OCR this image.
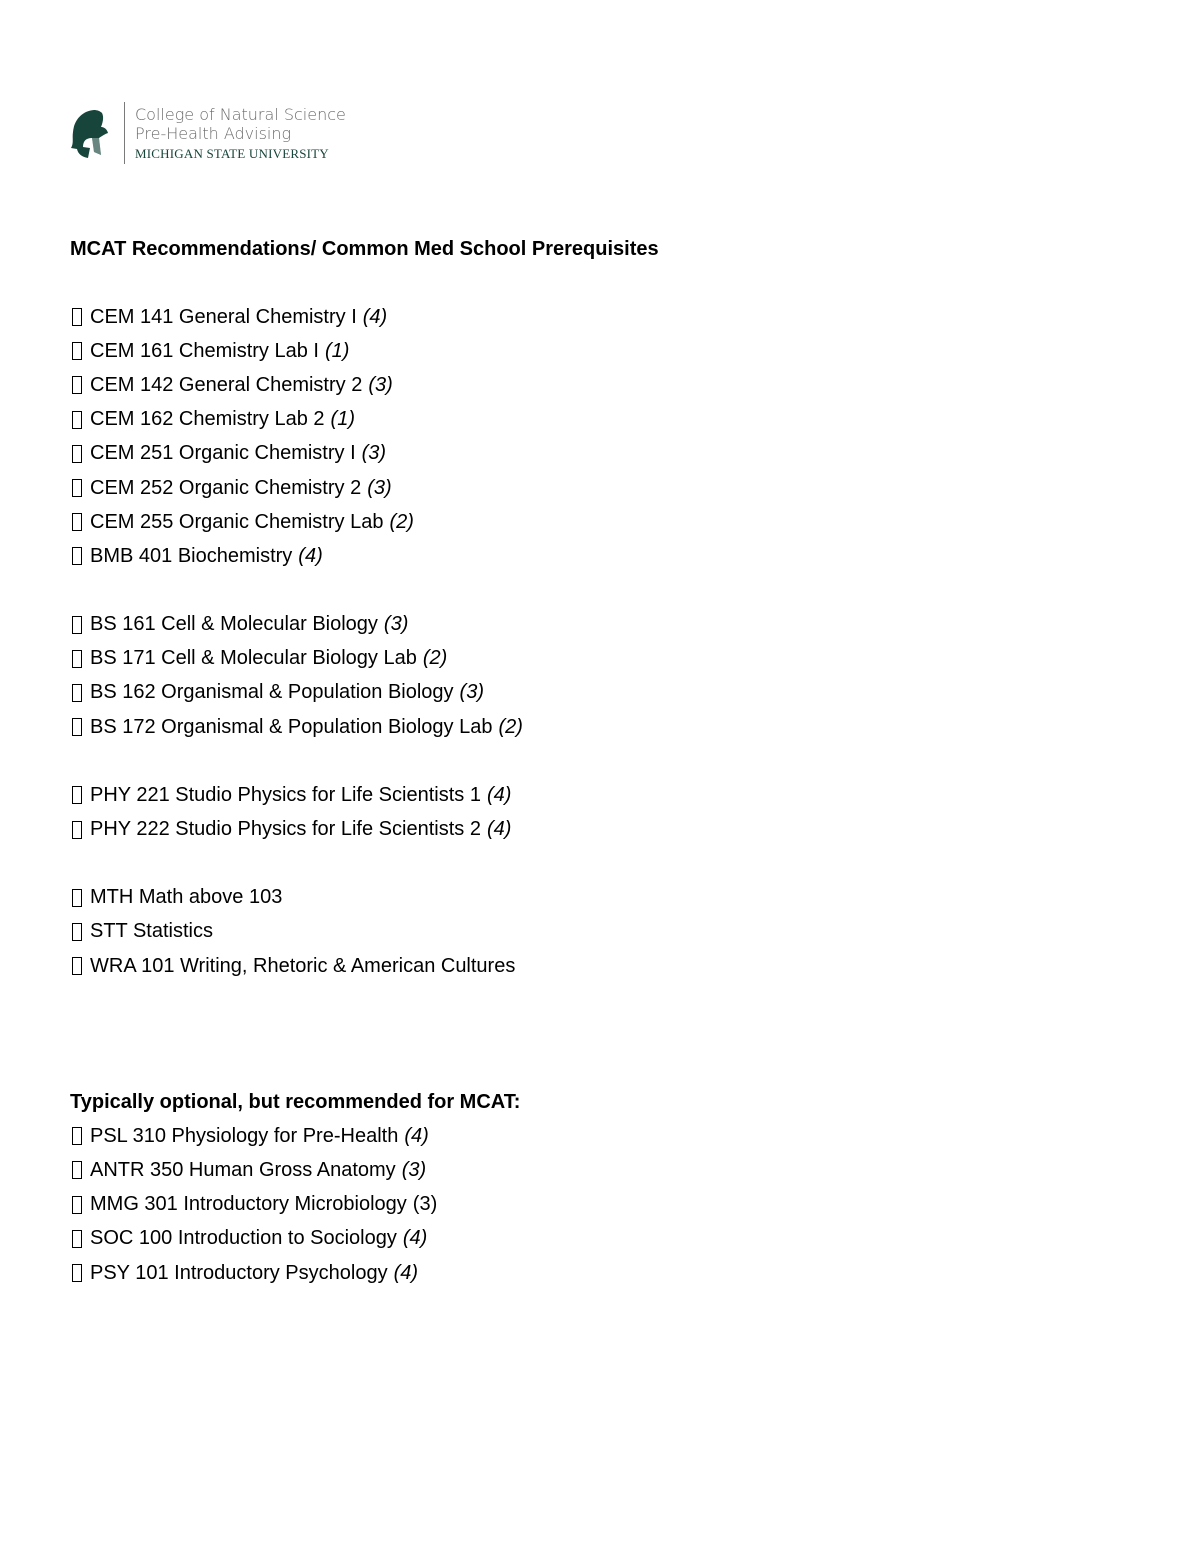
College of Natural Science
Pre-Health Advising
MICHIGAN STATE UNIVERSITY
MCAT Recommendations/ Common Med School Prerequisites
CEM 141 General Chemistry I (4)
CEM 161 Chemistry Lab I (1)
CEM 142 General Chemistry 2 (3)
CEM 162 Chemistry Lab 2 (1)
CEM 251 Organic Chemistry I (3)
CEM 252 Organic Chemistry 2 (3)
CEM 255 Organic Chemistry Lab (2)
BMB 401 Biochemistry (4)
BS 161 Cell & Molecular Biology (3)
BS 171 Cell & Molecular Biology Lab (2)
BS 162 Organismal & Population Biology (3)
BS 172 Organismal & Population Biology Lab (2)
PHY 221 Studio Physics for Life Scientists 1 (4)
PHY 222 Studio Physics for Life Scientists 2 (4)
MTH Math above 103
STT Statistics
WRA 101 Writing, Rhetoric & American Cultures
Typically optional, but recommended for MCAT:
PSL 310 Physiology for Pre-Health (4)
ANTR 350 Human Gross Anatomy (3)
MMG 301 Introductory Microbiology (3)
SOC 100 Introduction to Sociology (4)
PSY 101 Introductory Psychology (4)
